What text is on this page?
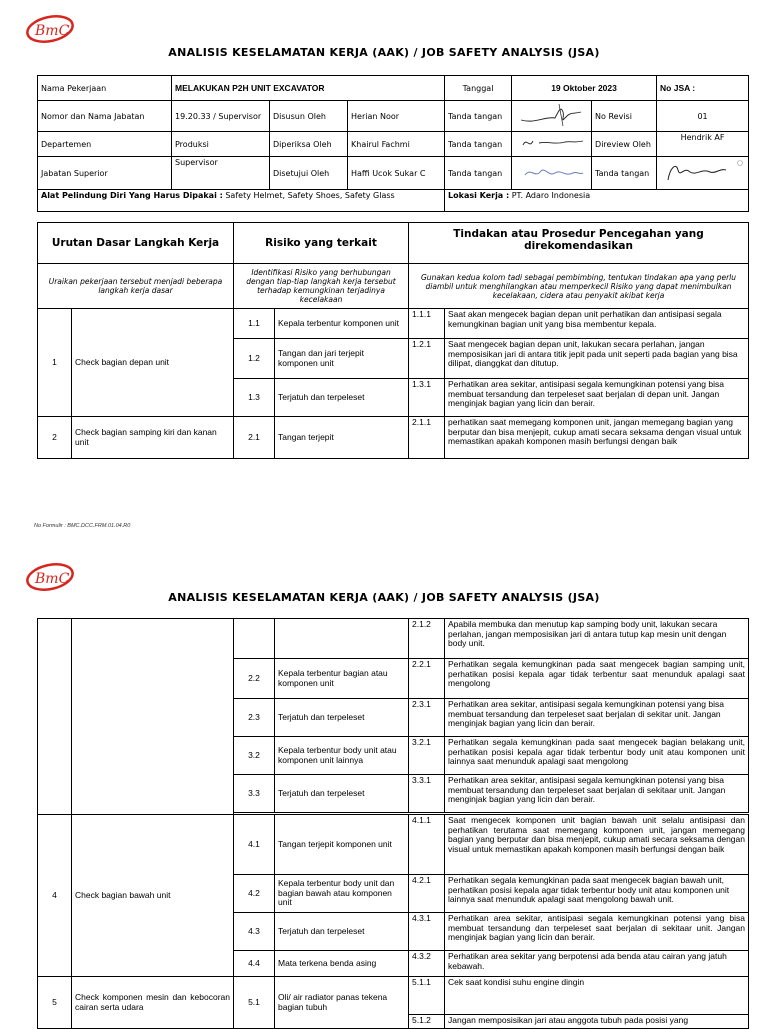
BmC
ANALISIS KESELAMATAN KERJA (AAK) / JOB SAFETY ANALYSIS (JSA)
Nama Pekerjaan	MELAKUKAN P2H UNIT EXCAVATOR			Tanggal	19 Oktober 2023		No JSA :
Nomor dan Nama Jabatan	19.20.33 / Supervisor	Disusun Oleh	Herian Noor	Tanda tangan		No Revisi	01
Departemen	Produksi	Diperiksa Oleh	Khairul Fachmi	Tanda tangan		Direview Oleh	Hendrik AF
Jabatan Superior	Supervisor	Disetujui Oleh	Haffi Ucok Sukar C	Tanda tangan		Tanda tangan	
Alat Pelindung Diri Yang Harus Dipakai : Safety Helmet, Safety Shoes, Safety Glass				Lokasi Kerja : PT. Adaro Indonesia			
Urutan Dasar Langkah Kerja		Risiko yang terkait		Tindakan atau Prosedur Pencegahan yang direkomendasikan	
Uraikan pekerjaan tersebut menjadi beberapa langkah kerja dasar		Identifikasi Risiko yang berhubungan dengan tiap-tiap langkah kerja tersebut terhadap kemungkinan terjadinya kecelakaan		Gunakan kedua kolom tadi sebagai pembimbing, tentukan tindakan apa yang perlu diambil untuk menghilangkan atau memperkecil Risiko yang dapat menimbulkan kecelakaan, cidera atau penyakit akibat kerja	
1	Check bagian depan unit	1.1	Kepala terbentur komponen unit	1.1.1	Saat akan mengecek bagian depan unit perhatikan dan antisipasi segala kemungkinan bagian unit yang bisa membentur kepala.
		1.2	Tangan dan jari terjepit komponen unit	1.2.1	Saat mengecek bagian depan unit, lakukan secara perlahan, jangan memposisikan jari di antara titik jepit pada unit seperti pada bagian yang bisa dilipat, dianggkat dan ditutup.
		1.3	Terjatuh dan terpeleset	1.3.1	Perhatikan area sekitar, antisipasi segala kemungkinan potensi yang bisa membuat tersandung dan terpeleset saat berjalan di depan unit. Jangan menginjak bagian yang licin dan berair.
2	Check bagian samping kiri dan kanan unit	2.1	Tangan terjepit	2.1.1	perhatikan saat memegang komponen unit, jangan memegang bagian yang berputar dan bisa menjepit, cukup amati secara seksama dengan visual untuk memastikan apakah komponen masih berfungsi dengan baik
No Formulir : BMC.DCC.FRM.01.04.R0
BmC
ANALISIS KESELAMATAN KERJA (AAK) / JOB SAFETY ANALYSIS (JSA)
				2.1.2	Apabila membuka dan menutup kap samping body unit, lakukan secara perlahan, jangan memposisikan jari di antara tutup kap mesin unit dengan body unit.
		2.2	Kepala terbentur bagian atau komponen unit	2.2.1	Perhatikan segala kemungkinan pada saat mengecek bagian samping unit, perhatikan posisi kepala agar tidak terbentur saat menunduk apalagi saat mengolong
		2.3	Terjatuh dan terpeleset	2.3.1	Perhatikan area sekitar, antisipasi segala kemungkinan potensi yang bisa membuat tersandung dan terpeleset saat berjalan di sekitar unit. Jangan menginjak bagian yang licin dan berair.
		3.2	Kepala terbentur body unit atau komponen unit lainnya	3.2.1	Perhatikan segala kemungkinan pada saat mengecek bagian belakang unit, perhatikan posisi kepala agar tidak terbentur body unit atau komponen unit lainnya saat menunduk apalagi saat mengolong
		3.3	Terjatuh dan terpeleset	3.3.1	Perhatikan area sekitar, antisipasi segala kemungkinan potensi yang bisa membuat tersandung dan terpeleset saat berjalan di sekitaar unit. Jangan menginjak bagian yang licin dan berair.

4	Check bagian bawah unit	4.1	Tangan terjepit komponen unit	4.1.1	Saat mengecek komponen unit bagian bawah unit selalu antisipasi dan perhatikan terutama saat memegang komponen unit, jangan memegang bagian yang berputar dan bisa menjepit, cukup amati secara seksama dengan visual untuk memastikan apakah komponen masih berfungsi dengan baik
		4.2	Kepala terbentur body unit dan bagian bawah atau komponen unit	4.2.1	Perhatikan segala kemungkinan pada saat mengecek bagian bawah unit, perhatikan posisi kepala agar tidak terbentur body unit atau komponen unit lainnya saat menunduk apalagi saat mengolong bawah unit.
		4.3	Terjatuh dan terpeleset	4.3.1	Perhatikan area sekitar, antisipasi segala kemungkinan potensi yang bisa membuat tersandung dan terpeleset saat berjalan di sekitaar unit. Jangan menginjak bagian yang licin dan berair.
		4.4	Mata terkena benda asing	4.3.2	Perhatikan area sekitar yang berpotensi ada benda atau cairan yang jatuh kebawah.
5	Check komponen mesin dan kebocoran cairan serta udara	5.1	Oli/ air radiator panas tekena bagian tubuh	5.1.1	Cek saat kondisi suhu engine dingin
				5.1.2	Jangan memposisikan jari atau anggota tubuh pada posisi yang
